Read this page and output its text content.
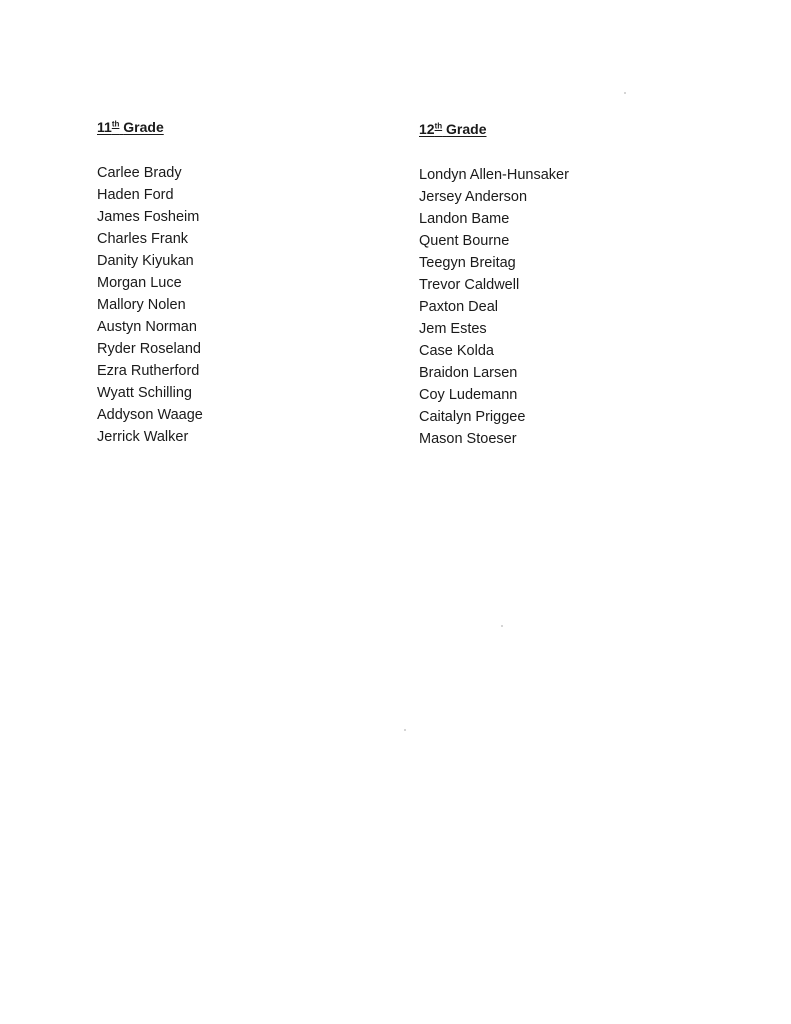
11th Grade

Carlee Brady
Haden Ford
James Fosheim
Charles Frank
Danity Kiyukan
Morgan Luce
Mallory Nolen
Austyn Norman
Ryder Roseland
Ezra Rutherford
Wyatt Schilling
Addyson Waage
Jerrick Walker

12th Grade

Londyn Allen-Hunsaker
Jersey Anderson
Landon Bame
Quent Bourne
Teegyn Breitag
Trevor Caldwell
Paxton Deal
Jem Estes
Case Kolda
Braidon Larsen
Coy Ludemann
Caitalyn Priggee
Mason Stoeser
